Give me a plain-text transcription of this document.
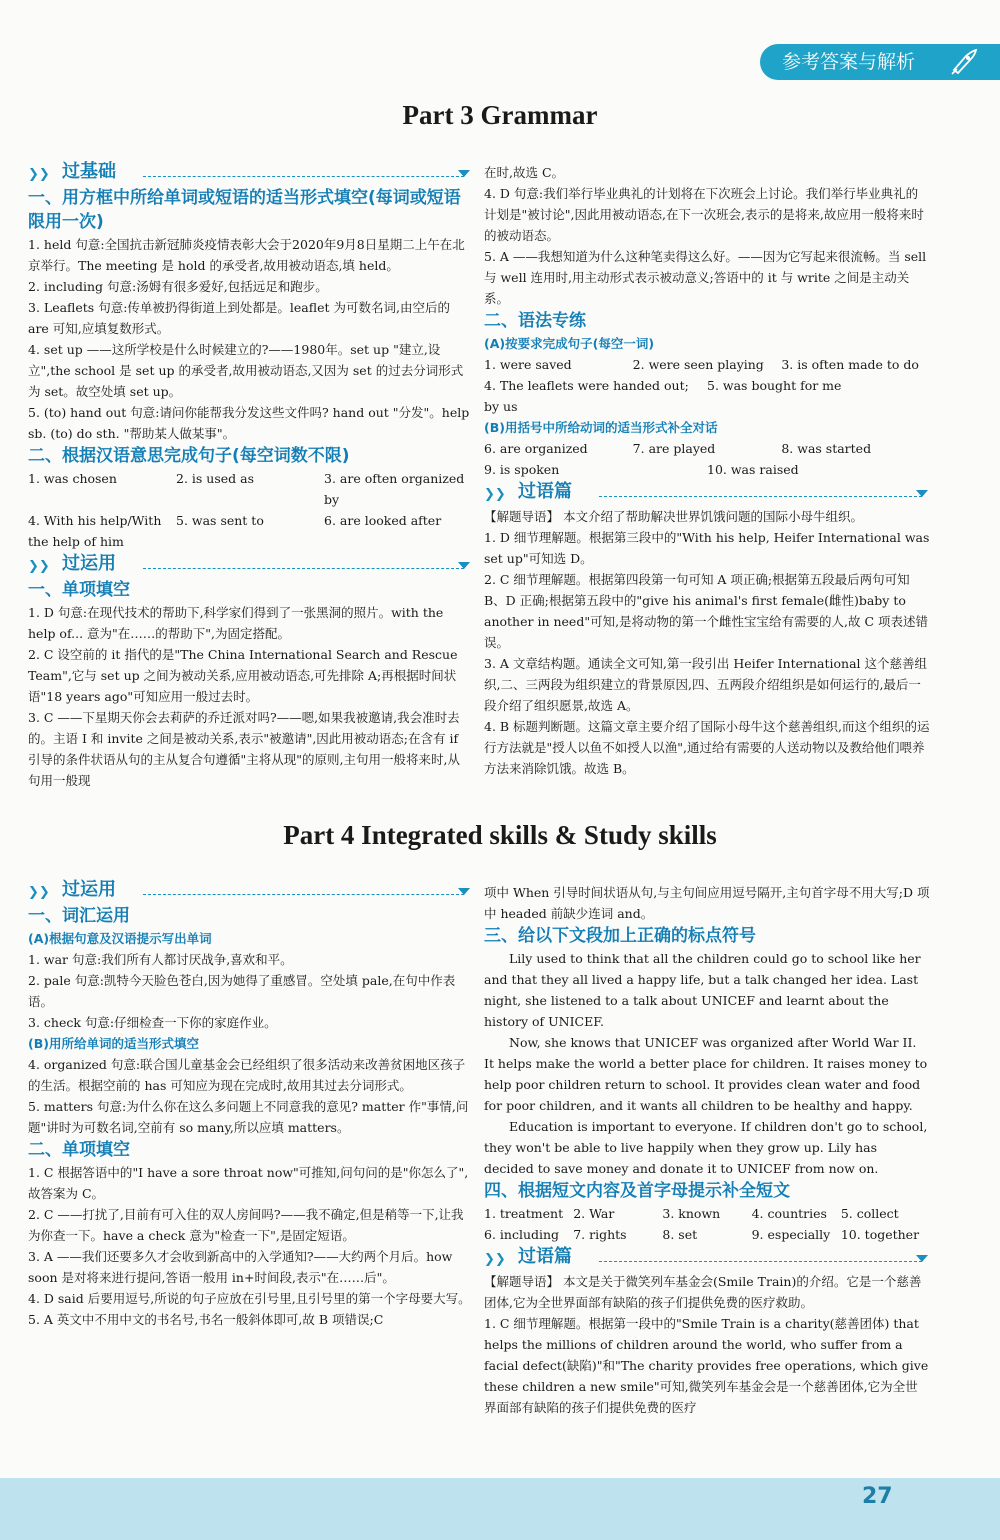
参考答案与解析
Part 3 Grammar
Part 4 Integrated skills & Study skills
❯❯ 过基础

一、用方框中所给单词或短语的适当形式填空(每词或短语限用一次)

1. held 句意:全国抗击新冠肺炎疫情表彰大会于2020年9月8日星期二上午在北京举行。The meeting 是 hold 的承受者,故用被动语态,填 held。

2. including 句意:汤姆有很多爱好,包括远足和跑步。

3. Leaflets 句意:传单被扔得街道上到处都是。leaflet 为可数名词,由空后的 are 可知,应填复数形式。

4. set up ——这所学校是什么时候建立的?——1980年。set up "建立,设立",the school 是 set up 的承受者,故用被动语态,又因为 set 的过去分词形式为 set。故空处填 set up。

5. (to) hand out 句意:请问你能帮我分发这些文件吗? hand out "分发"。help sb. (to) do sth. "帮助某人做某事"。

二、根据汉语意思完成句子(每空词数不限)

1. was chosen	2. is used as	3. are often organized by
4. With his help/With the help of him
5. was sent to	6. are looked after
❯❯ 过运用

一、单项填空

1. D 句意:在现代技术的帮助下,科学家们得到了一张黑洞的照片。with the help of... 意为"在……的帮助下",为固定搭配。

2. C 设空前的 it 指代的是"The China International Search and Rescue Team",它与 set up 之间为被动关系,应用被动语态,可先排除 A;再根据时间状语"18 years ago"可知应用一般过去时。

3. C ——下星期天你会去莉萨的乔迁派对吗?——嗯,如果我被邀请,我会准时去的。主语 I 和 invite 之间是被动关系,表示"被邀请",因此用被动语态;在含有 if 引导的条件状语从句的主从复合句遵循"主将从现"的原则,主句用一般将来时,从句用一般现

在时,故选 C。

4. D 句意:我们举行毕业典礼的计划将在下次班会上讨论。我们举行毕业典礼的计划是"被讨论",因此用被动语态,在下一次班会,表示的是将来,故应用一般将来时的被动语态。

5. A ——我想知道为什么这种笔卖得这么好。——因为它写起来很流畅。当 sell 与 well 连用时,用主动形式表示被动意义;答语中的 it 与 write 之间是主动关系。

二、语法专练

(A)按要求完成句子(每空一词)

1. were saved	2. were seen playing	3. is often made to do
4. The leaflets were handed out; by us
5. was bought for me

(B)用括号中所给动词的适当形式补全对话

6. are organized	7. are played	8. was started
9. is spoken	10. was raised
❯❯ 过语篇

【解题导语】 本文介绍了帮助解决世界饥饿问题的国际小母牛组织。

1. D 细节理解题。根据第三段中的"With his help, Heifer International was set up"可知选 D。

2. C 细节理解题。根据第四段第一句可知 A 项正确;根据第五段最后两句可知 B、D 正确;根据第五段中的"give his animal's first female(雌性)baby to another in need"可知,是将动物的第一个雌性宝宝给有需要的人,故 C 项表述错误。

3. A 文章结构题。通读全文可知,第一段引出 Heifer International 这个慈善组织,二、三两段为组织建立的背景原因,四、五两段介绍组织是如何运行的,最后一段介绍了组织愿景,故选 A。

4. B 标题判断题。这篇文章主要介绍了国际小母牛这个慈善组织,而这个组织的运行方法就是"授人以鱼不如授人以渔",通过给有需要的人送动物以及教给他们喂养方法来消除饥饿。故选 B。

❯❯ 过运用

一、词汇运用

(A)根据句意及汉语提示写出单词

1. war 句意:我们所有人都讨厌战争,喜欢和平。

2. pale 句意:凯特今天脸色苍白,因为她得了重感冒。空处填 pale,在句中作表语。

3. check 句意:仔细检查一下你的家庭作业。

(B)用所给单词的适当形式填空

4. organized 句意:联合国儿童基金会已经组织了很多活动来改善贫困地区孩子的生活。根据空前的 has 可知应为现在完成时,故用其过去分词形式。

5. matters 句意:为什么你在这么多问题上不同意我的意见? matter 作"事情,问题"讲时为可数名词,空前有 so many,所以应填 matters。

二、单项填空

1. C 根据答语中的"I have a sore throat now"可推知,问句问的是"你怎么了",故答案为 C。

2. C ——打扰了,目前有可入住的双人房间吗?——我不确定,但是稍等一下,让我为你查一下。have a check 意为"检查一下",是固定短语。

3. A ——我们还要多久才会收到新高中的入学通知?——大约两个月后。how soon 是对将来进行提问,答语一般用 in+时间段,表示"在……后"。

4. D said 后要用逗号,所说的句子应放在引号里,且引号里的第一个字母要大写。

5. A 英文中不用中文的书名号,书名一般斜体即可,故 B 项错误;C

项中 When 引导时间状语从句,与主句间应用逗号隔开,主句首字母不用大写;D 项中 headed 前缺少连词 and。

三、给以下文段加上正确的标点符号

Lily used to think that all the children could go to school like her and that they all lived a happy life, but a talk changed her idea. Last night, she listened to a talk about UNICEF and learnt about the history of UNICEF.

Now, she knows that UNICEF was organized after World War II. It helps make the world a better place for children. It raises money to help poor children return to school. It provides clean water and food for poor children, and it wants all children to be healthy and happy.

Education is important to everyone. If children don't go to school, they won't be able to live happily when they grow up. Lily has decided to save money and donate it to UNICEF from now on.

四、根据短文内容及首字母提示补全短文

1. treatment 2. War	3. known	4. countries	5. collect
6. including	7. rights	8. set	9. especially 10. together
❯❯ 过语篇

【解题导语】 本文是关于微笑列车基金会(Smile Train)的介绍。它是一个慈善团体,它为全世界面部有缺陷的孩子们提供免费的医疗救助。

1. C 细节理解题。根据第一段中的"Smile Train is a charity(慈善团体) that helps the millions of children around the world, who suffer from a facial defect(缺陷)"和"The charity provides free operations, which give these children a new smile"可知,微笑列车基金会是一个慈善团体,它为全世界面部有缺陷的孩子们提供免费的医疗

27
